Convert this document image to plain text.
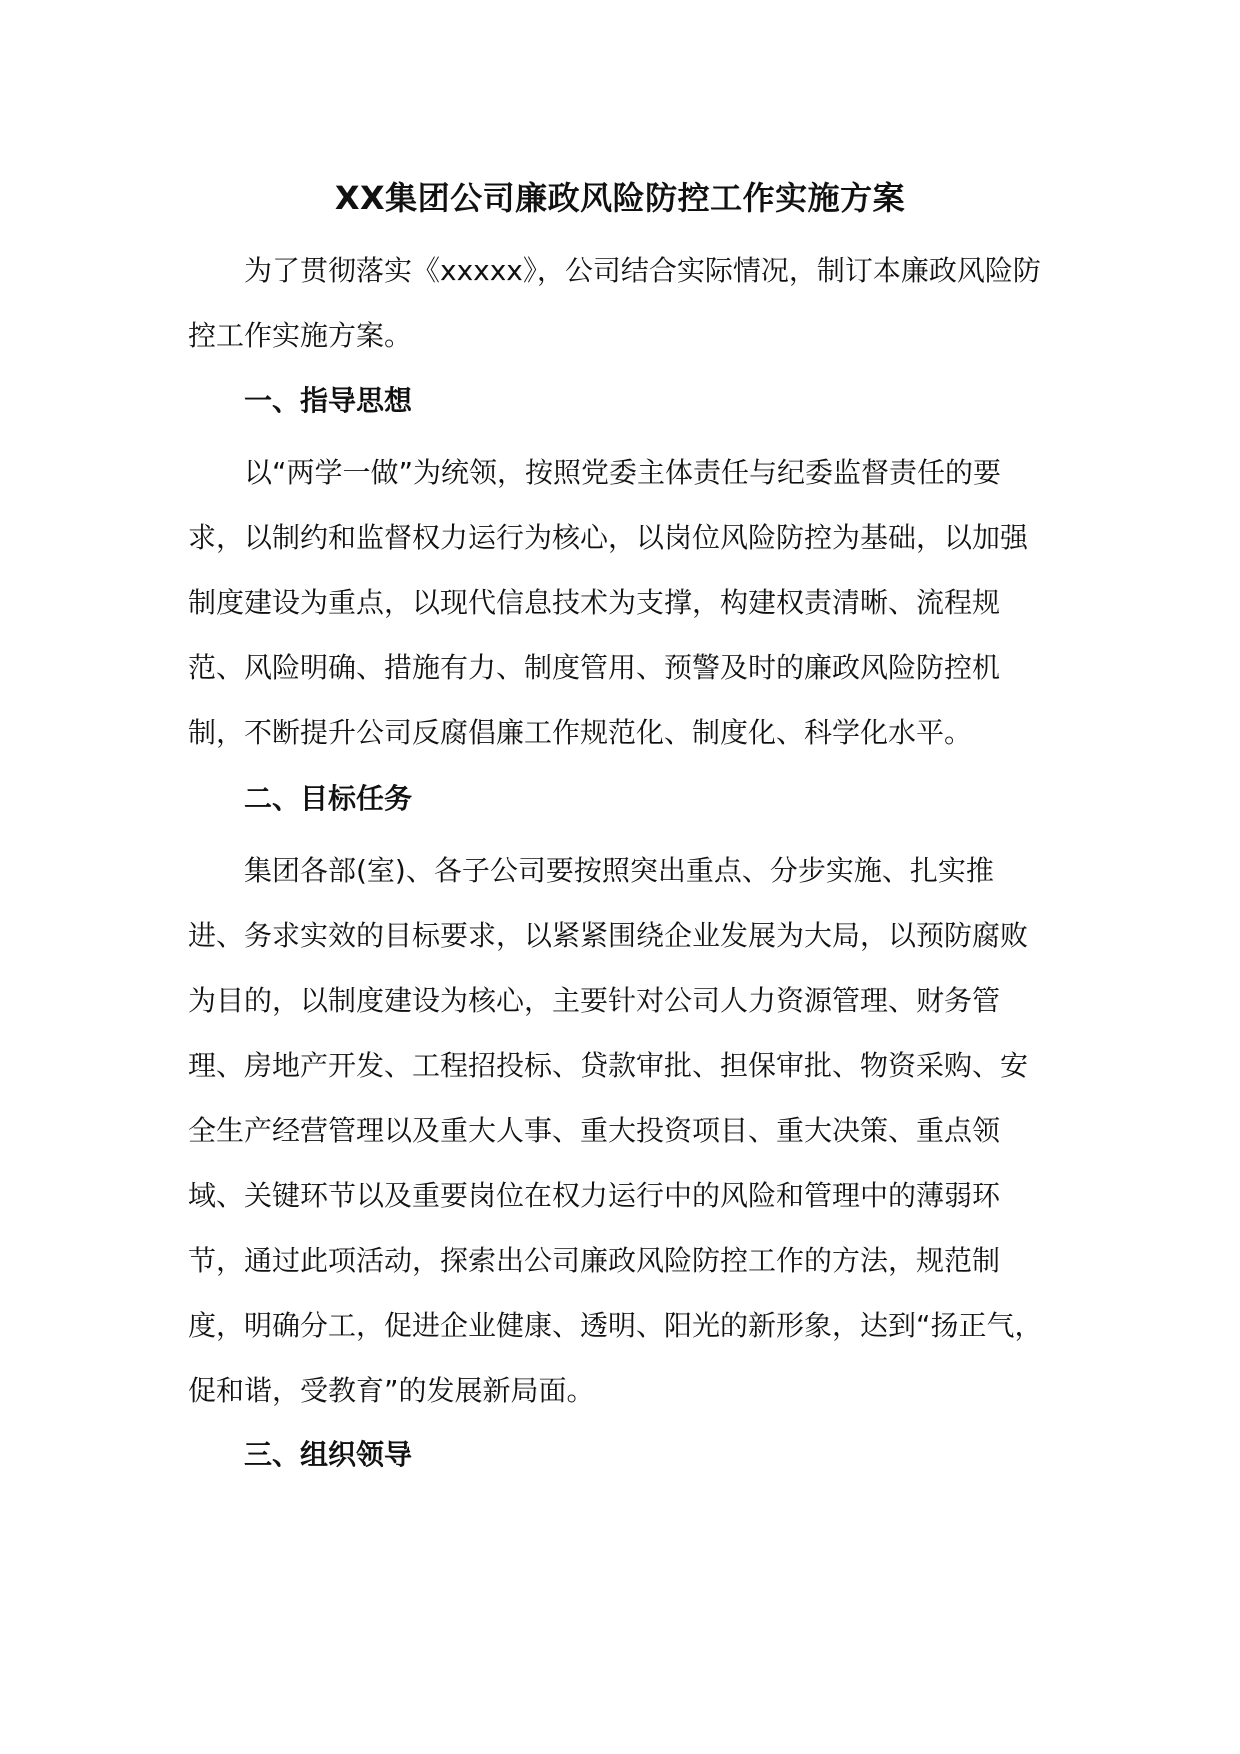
XX集团公司廉政风险防控工作实施方案

为了贯彻落实《xxxxx》，公司结合实际情况，制订本廉政风险防控工作实施方案。

一、指导思想

以“两学一做”为统领，按照党委主体责任与纪委监督责任的要求，以制约和监督权力运行为核心，以岗位风险防控为基础，以加强制度建设为重点，以现代信息技术为支撑，构建权责清晰、流程规范、风险明确、措施有力、制度管用、预警及时的廉政风险防控机制，不断提升公司反腐倡廉工作规范化、制度化、科学化水平。

二、目标任务

集团各部(室)、各子公司要按照突出重点、分步实施、扎实推进、务求实效的目标要求，以紧紧围绕企业发展为大局，以预防腐败为目的，以制度建设为核心，主要针对公司人力资源管理、财务管理、房地产开发、工程招投标、贷款审批、担保审批、物资采购、安全生产经营管理以及重大人事、重大投资项目、重大决策、重点领域、关键环节以及重要岗位在权力运行中的风险和管理中的薄弱环节，通过此项活动，探索出公司廉政风险防控工作的方法，规范制度，明确分工，促进企业健康、透明、阳光的新形象，达到“扬正气，促和谐，受教育”的发展新局面。

三、组织领导
